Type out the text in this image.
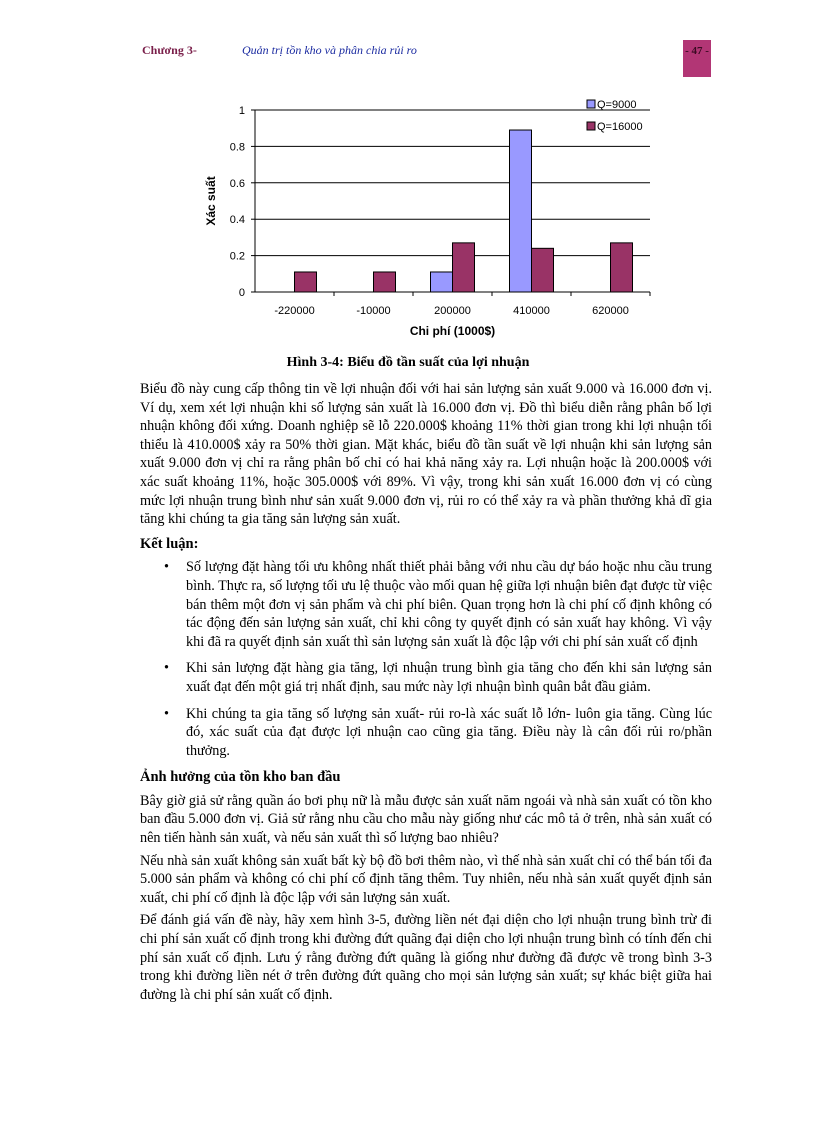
Chương 3-	Quản trị tồn kho và phân chia rủi ro	- 47 -
0
0.2
0.4
0.6
0.8
1
-220000	-10000	200000	410000	620000
Chi phí (1000$)
Xác suất
Q=9000
Q=16000
Hình 3-4: Biểu đồ tần suất của lợi nhuận

Biểu đồ này cung cấp thông tin về lợi nhuận đối với hai sản lượng sản xuất 9.000 và 16.000 đơn vị. Ví dụ, xem xét lợi nhuận khi số lượng sản xuất là 16.000 đơn vị. Đồ thì biểu diễn rằng phân bố lợi nhuận không đối xứng. Doanh nghiệp sẽ lỗ 220.000$ khoảng 11% thời gian trong khi lợi nhuận tối thiểu là 410.000$ xảy ra 50% thời gian. Mặt khác, biểu đồ tần suất về lợi nhuận khi sản lượng sản xuất 9.000 đơn vị chỉ ra rằng phân bố chỉ có hai khả năng xảy ra. Lợi nhuận hoặc là 200.000$ với xác suất khoảng 11%, hoặc 305.000$ với 89%. Vì vậy, trong khi sản xuất 16.000 đơn vị có cùng mức lợi nhuận trung bình như sản xuất 9.000 đơn vị, rủi ro có thể xảy ra và phần thưởng khả dĩ gia tăng khi chúng ta gia tăng sản lượng sản xuất.

Kết luận:
• Số lượng đặt hàng tối ưu không nhất thiết phải bằng với nhu cầu dự báo hoặc nhu cầu trung bình. Thực ra, số lượng tối ưu lệ thuộc vào mối quan hệ giữa lợi nhuận biên đạt được từ việc bán thêm một đơn vị sản phẩm và chi phí biên. Quan trọng hơn là chi phí cố định không có tác động đến sản lượng sản xuất, chỉ khi công ty quyết định có sản xuất hay không. Vì vậy khi đã ra quyết định sản xuất thì sản lượng sản xuất là độc lập với chi phí sản xuất cố định
• Khi sản lượng đặt hàng gia tăng, lợi nhuận trung bình gia tăng cho đến khi sản lượng sản xuất đạt đến một giá trị nhất định, sau mức này lợi nhuận bình quân bắt đầu giảm.
• Khi chúng ta gia tăng số lượng sản xuất- rủi ro-là xác suất lỗ lớn- luôn gia tăng. Cùng lúc đó, xác suất của đạt được lợi nhuận cao cũng gia tăng. Điều này là cân đối rủi ro/phần thưởng.
Ảnh hưởng của tồn kho ban đầu

Bây giờ giả sử rằng quần áo bơi phụ nữ là mẫu được sản xuất năm ngoái và nhà sản xuất có tồn kho ban đầu 5.000 đơn vị. Giả sử rằng nhu cầu cho mẫu này giống như các mô tả ở trên, nhà sản xuất có nên tiến hành sản xuất, và nếu sản xuất thì số lượng bao nhiêu?

Nếu nhà sản xuất không sản xuất bất kỳ bộ đồ bơi thêm nào, vì thế nhà sản xuất chỉ có thể bán tối đa 5.000 sản phẩm và không có chi phí cố định tăng thêm. Tuy nhiên, nếu nhà sản xuất quyết định sản xuất, chi phí cố định là độc lập với sản lượng sản xuất.

Để đánh giá vấn đề này, hãy xem hình 3-5, đường liền nét đại diện cho lợi nhuận trung bình trừ đi chi phí sản xuất cố định trong khi đường đứt quãng đại diện cho lợi nhuận trung bình có tính đến chi phí sản xuất cố định. Lưu ý rằng đường đứt quãng là giống như đường đã được vẽ trong bình 3-3 trong khi đường liền nét ở trên đường đứt quãng cho mọi sản lượng sản xuất; sự khác biệt giữa hai đường là chi phí sản xuất cố định.
